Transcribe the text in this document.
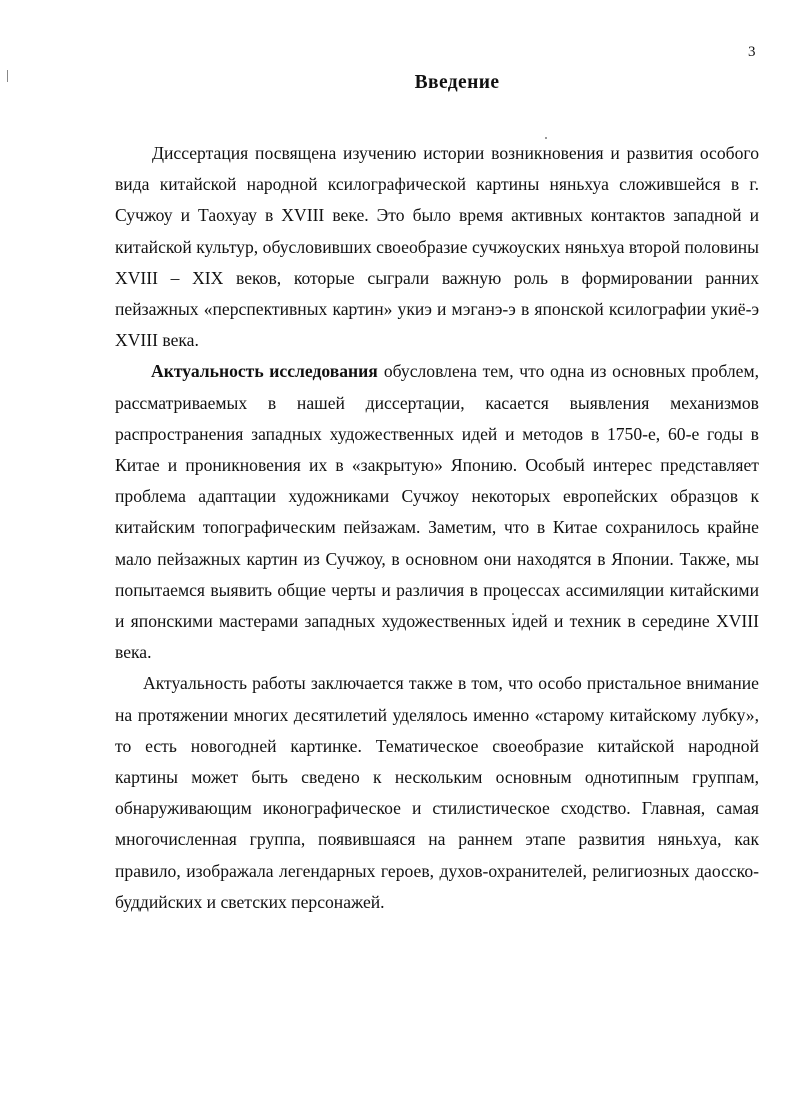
3
Введение

Диссертация посвящена изучению истории возникновения и развития особого вида китайской народной ксилографической картины няньхуа сложившейся в г. Сучжоу и Таохуау в XVIII веке. Это было время активных контактов западной и китайской культур, обусловивших своеобразие сучжоуских няньхуа второй половины XVIII – XIX веков, которые сыграли важную роль в формировании ранних пейзажных «перспективных картин» укиэ и мэганэ-э в японской ксилографии укиё-э XVIII века.

Актуальность исследования обусловлена тем, что одна из основных проблем, рассматриваемых в нашей диссертации, касается выявления механизмов распространения западных художественных идей и методов в 1750-е, 60-е годы в Китае и проникновения их в «закрытую» Японию. Особый интерес представляет проблема адаптации художниками Сучжоу некоторых европейских образцов к китайским топографическим пейзажам. Заметим, что в Китае сохранилось крайне мало пейзажных картин из Сучжоу, в основном они находятся в Японии. Также, мы попытаемся выявить общие черты и различия в процессах ассимиляции китайскими и японскими мастерами западных художественных идей и техник в середине XVIII века.

Актуальность работы заключается также в том, что особо пристальное внимание на протяжении многих десятилетий уделялось именно «старому китайскому лубку», то есть новогодней картинке. Тематическое своеобразие китайской народной картины может быть сведено к нескольким основным однотипным группам, обнаруживающим иконографическое и стилистическое сходство. Главная, самая многочисленная группа, появившаяся на раннем этапе развития няньхуа, как правило, изображала легендарных героев, духов-охранителей, религиозных даосско-буддийских и светских персонажей.
